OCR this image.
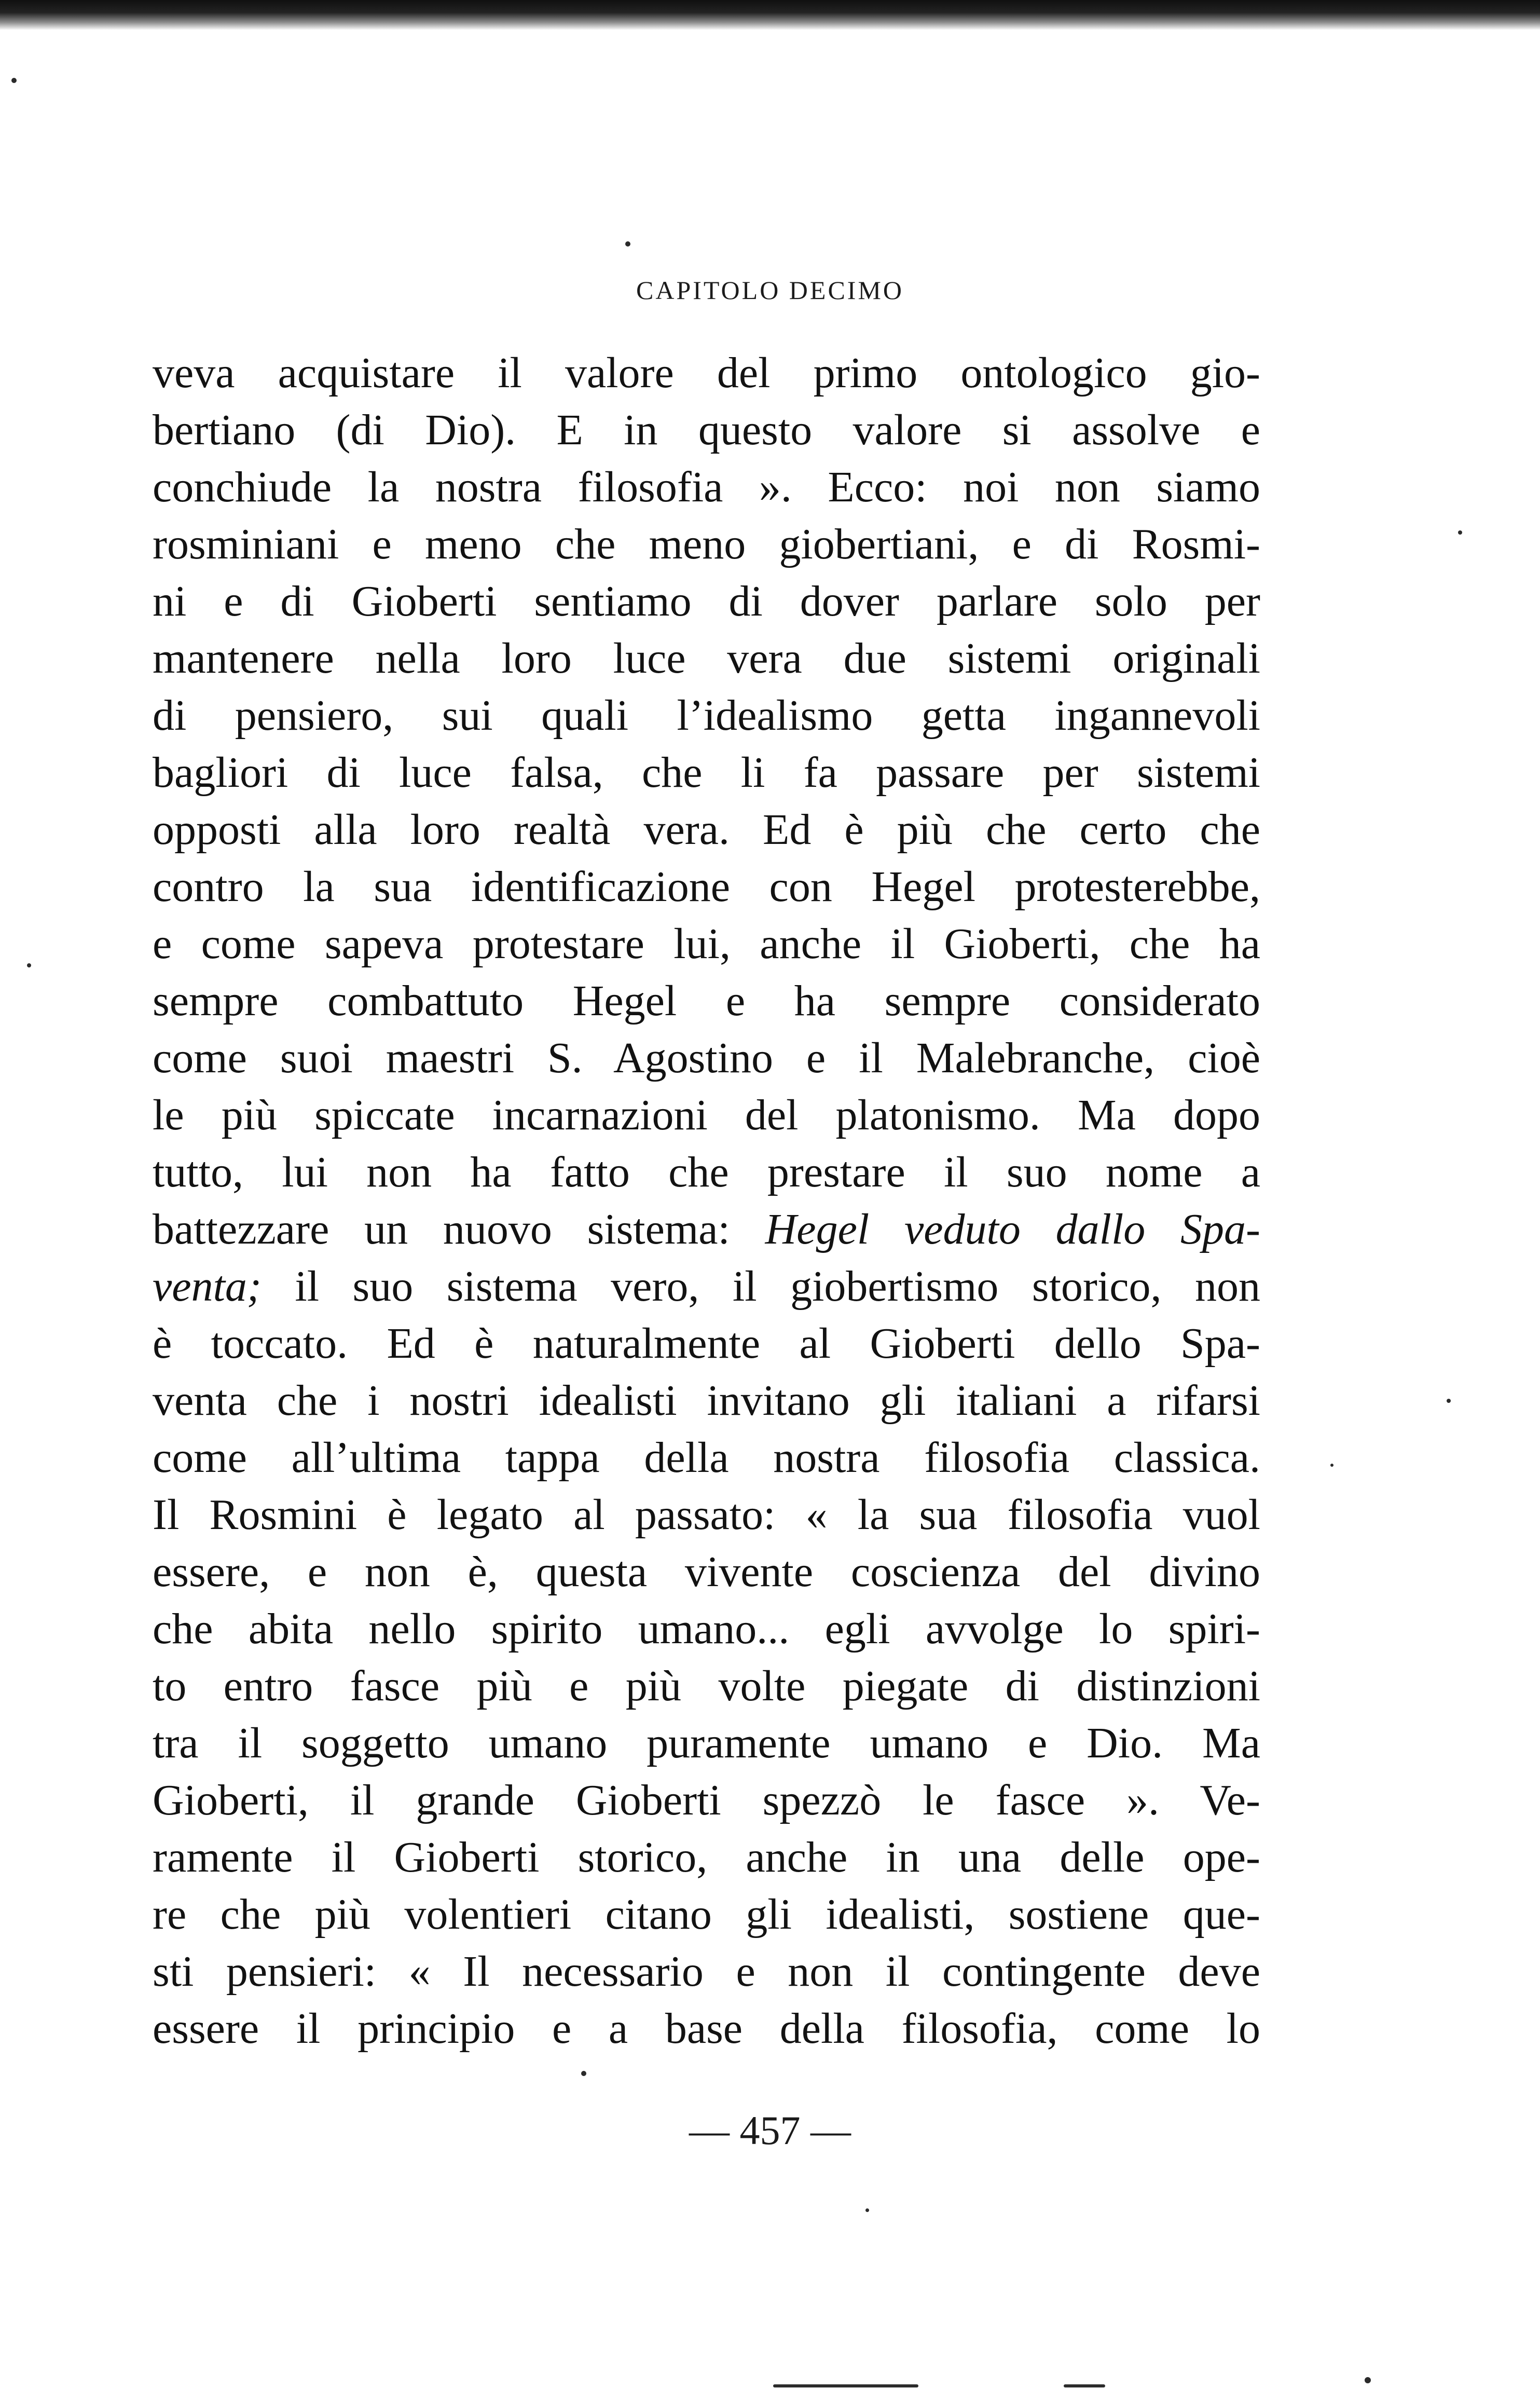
CAPITOLO DECIMO
veva acquistare il valore del primo ontologico gio-
bertiano (di Dio). E in questo valore si assolve e
conchiude la nostra filosofia ». Ecco: noi non siamo
rosminiani e meno che meno giobertiani, e di Rosmi-
ni e di Gioberti sentiamo di dover parlare solo per
mantenere nella loro luce vera due sistemi originali
di pensiero, sui quali l’idealismo getta ingannevoli
bagliori di luce falsa, che li fa passare per sistemi
opposti alla loro realtà vera. Ed è più che certo che
contro la sua identificazione con Hegel protesterebbe,
e come sapeva protestare lui, anche il Gioberti, che ha
sempre combattuto Hegel e ha sempre considerato
come suoi maestri S. Agostino e il Malebranche, cioè
le più spiccate incarnazioni del platonismo. Ma dopo
tutto, lui non ha fatto che prestare il suo nome a
battezzare un nuovo sistema: Hegel veduto dallo Spa-
venta; il suo sistema vero, il giobertismo storico, non
è toccato. Ed è naturalmente al Gioberti dello Spa-
venta che i nostri idealisti invitano gli italiani a rifarsi
come all’ultima tappa della nostra filosofia classica.
Il Rosmini è legato al passato: « la sua filosofia vuol
essere, e non è, questa vivente coscienza del divino
che abita nello spirito umano... egli avvolge lo spiri-
to entro fasce più e più volte piegate di distinzioni
tra il soggetto umano puramente umano e Dio. Ma
Gioberti, il grande Gioberti spezzò le fasce ». Ve-
ramente il Gioberti storico, anche in una delle ope-
re che più volentieri citano gli idealisti, sostiene que-
sti pensieri: « Il necessario e non il contingente deve
essere il principio e a base della filosofia, come lo
— 457 —
